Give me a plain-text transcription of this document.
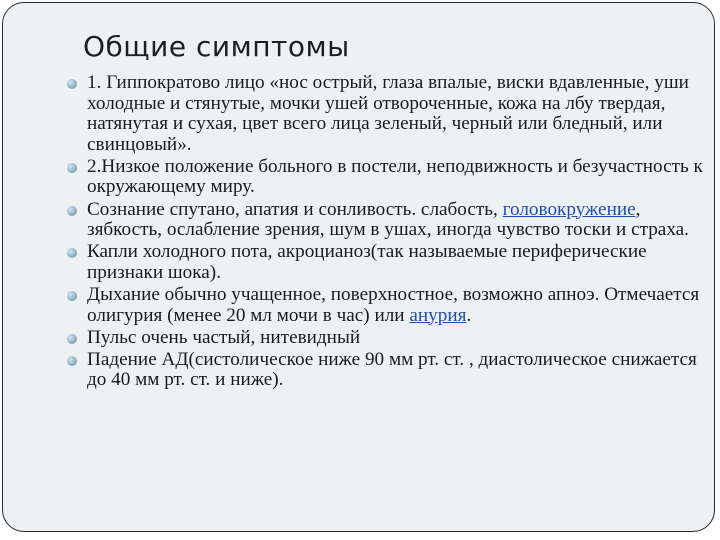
Общие симптомы
1. Гиппократово лицо «нос острый, глаза впалые, виски вдавленные, уши холодные и стянутые, мочки ушей отвороченные, кожа на лбу твердая, натянутая и сухая, цвет всего лица зеленый, черный или бледный, или свинцовый».
2.Низкое положение больного в постели, неподвижность и безучастность к окружающему миру.
Сознание спутано, апатия и сонливость. слабость, головокружение, зябкость, ослабление зрения, шум в ушах, иногда чувство тоски и страха.
Капли холодного пота, акроцианоз(так называемые периферические признаки шока).
Дыхание обычно учащенное, поверхностное, возможно апноэ. Отмечается олигурия (менее 20 мл мочи в час) или анурия.
Пульс очень частый, нитевидный
Падение АД(систолическое ниже 90 мм рт. ст. , диастолическое снижается до 40 мм рт. ст. и ниже).
